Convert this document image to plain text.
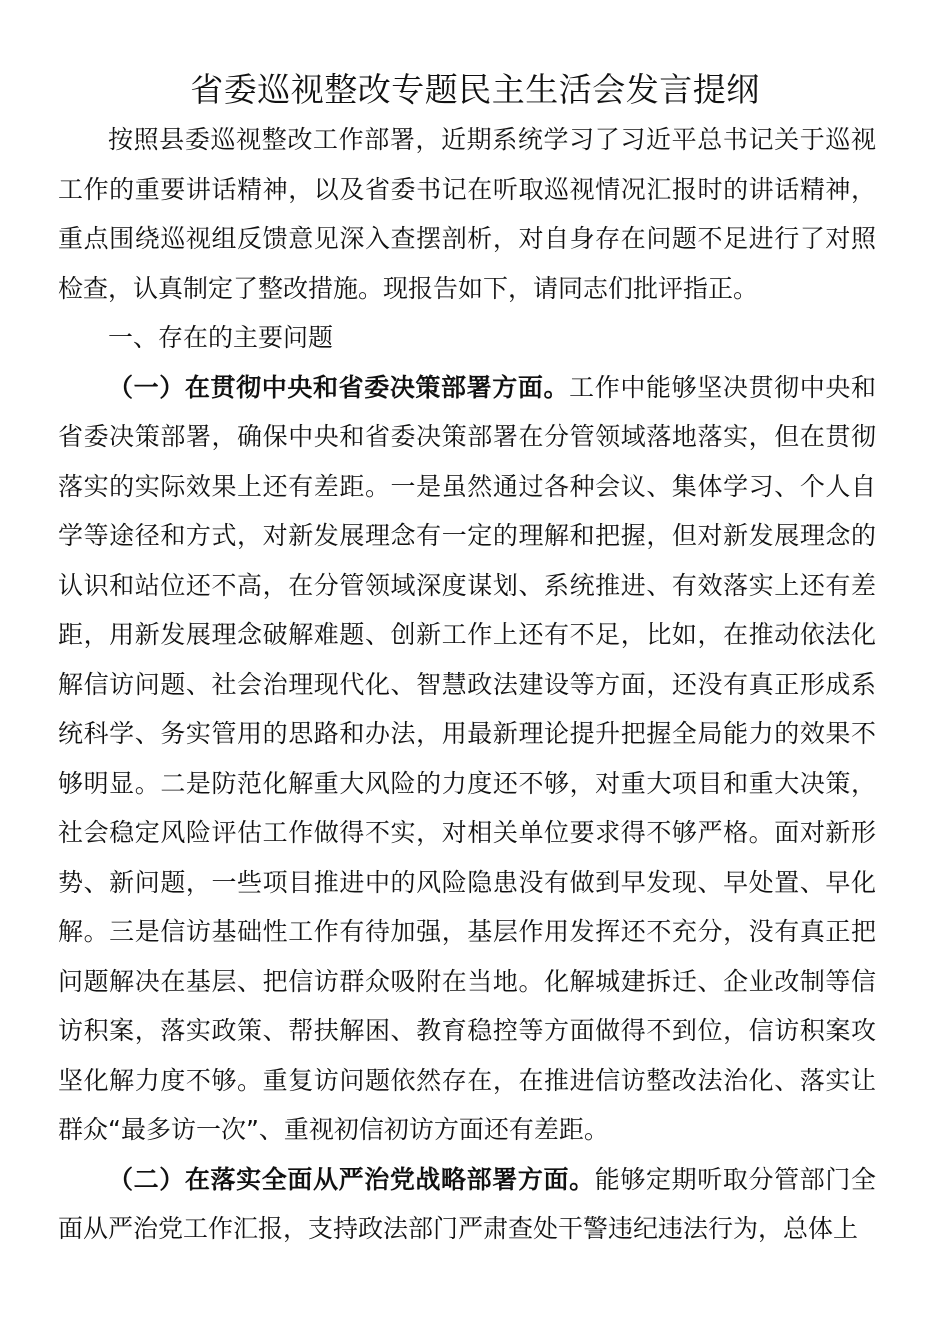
省委巡视整改专题民主生活会发言提纲

按照县委巡视整改工作部署，近期系统学习了习近平总书记关于巡视工作的重要讲话精神，以及省委书记在听取巡视情况汇报时的讲话精神，重点围绕巡视组反馈意见深入查摆剖析，对自身存在问题不足进行了对照检查，认真制定了整改措施。现报告如下，请同志们批评指正。

一、存在的主要问题

（一）在贯彻中央和省委决策部署方面。工作中能够坚决贯彻中央和省委决策部署，确保中央和省委决策部署在分管领域落地落实，但在贯彻落实的实际效果上还有差距。一是虽然通过各种会议、集体学习、个人自学等途径和方式，对新发展理念有一定的理解和把握，但对新发展理念的认识和站位还不高，在分管领域深度谋划、系统推进、有效落实上还有差距，用新发展理念破解难题、创新工作上还有不足，比如，在推动依法化解信访问题、社会治理现代化、智慧政法建设等方面，还没有真正形成系统科学、务实管用的思路和办法，用最新理论提升把握全局能力的效果不够明显。二是防范化解重大风险的力度还不够，对重大项目和重大决策，社会稳定风险评估工作做得不实，对相关单位要求得不够严格。面对新形势、新问题，一些项目推进中的风险隐患没有做到早发现、早处置、早化解。三是信访基础性工作有待加强，基层作用发挥还不充分，没有真正把问题解决在基层、把信访群众吸附在当地。化解城建拆迁、企业改制等信访积案，落实政策、帮扶解困、教育稳控等方面做得不到位，信访积案攻坚化解力度不够。重复访问题依然存在，在推进信访整改法治化、落实让群众“最多访一次”、重视初信初访方面还有差距。

（二）在落实全面从严治党战略部署方面。能够定期听取分管部门全面从严治党工作汇报，支持政法部门严肃查处干警违纪违法行为，总体上
